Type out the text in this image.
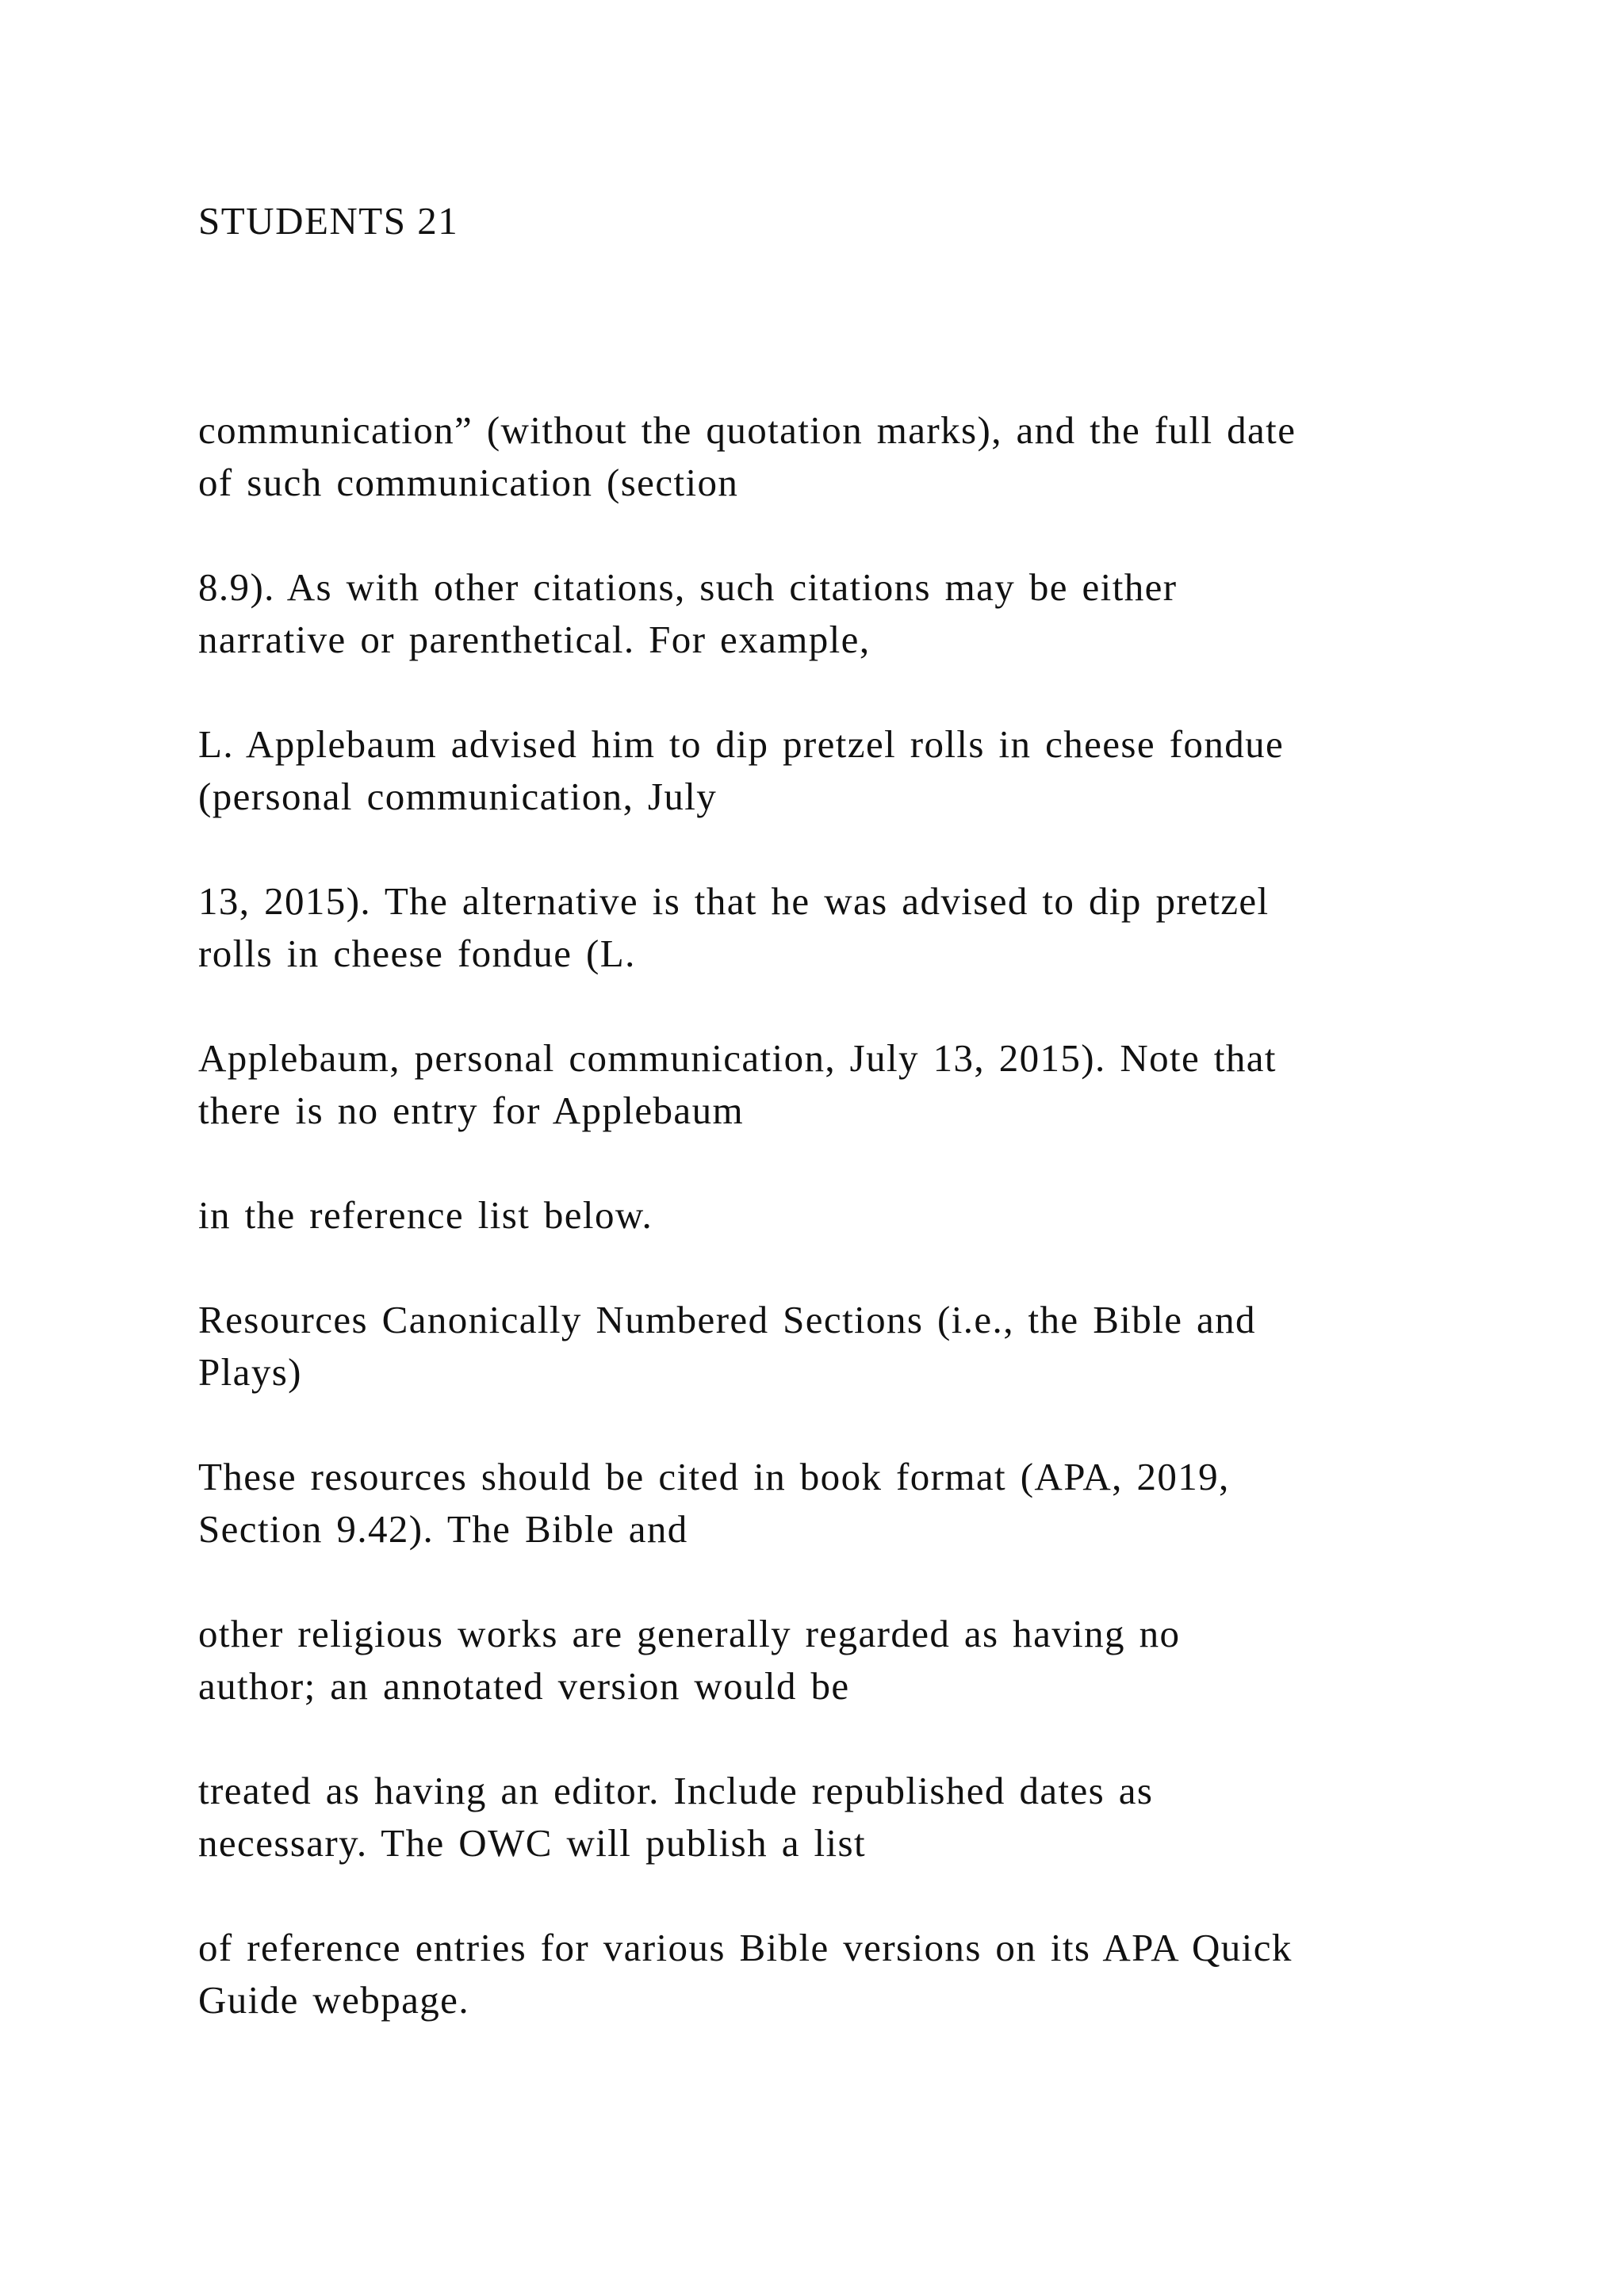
STUDENTS 21
communication” (without the quotation marks), and the full date
of such communication (section
8.9). As with other citations, such citations may be either
narrative or parenthetical. For example,
L. Applebaum advised him to dip pretzel rolls in cheese fondue
(personal communication, July
13, 2015). The alternative is that he was advised to dip pretzel
rolls in cheese fondue (L.
Applebaum, personal communication, July 13, 2015). Note that
there is no entry for Applebaum
in the reference list below.
Resources Canonically Numbered Sections (i.e., the Bible and
Plays)
These resources should be cited in book format (APA, 2019,
Section 9.42). The Bible and
other religious works are generally regarded as having no
author; an annotated version would be
treated as having an editor. Include republished dates as
necessary. The OWC will publish a list
of reference entries for various Bible versions on its APA Quick
Guide webpage.
